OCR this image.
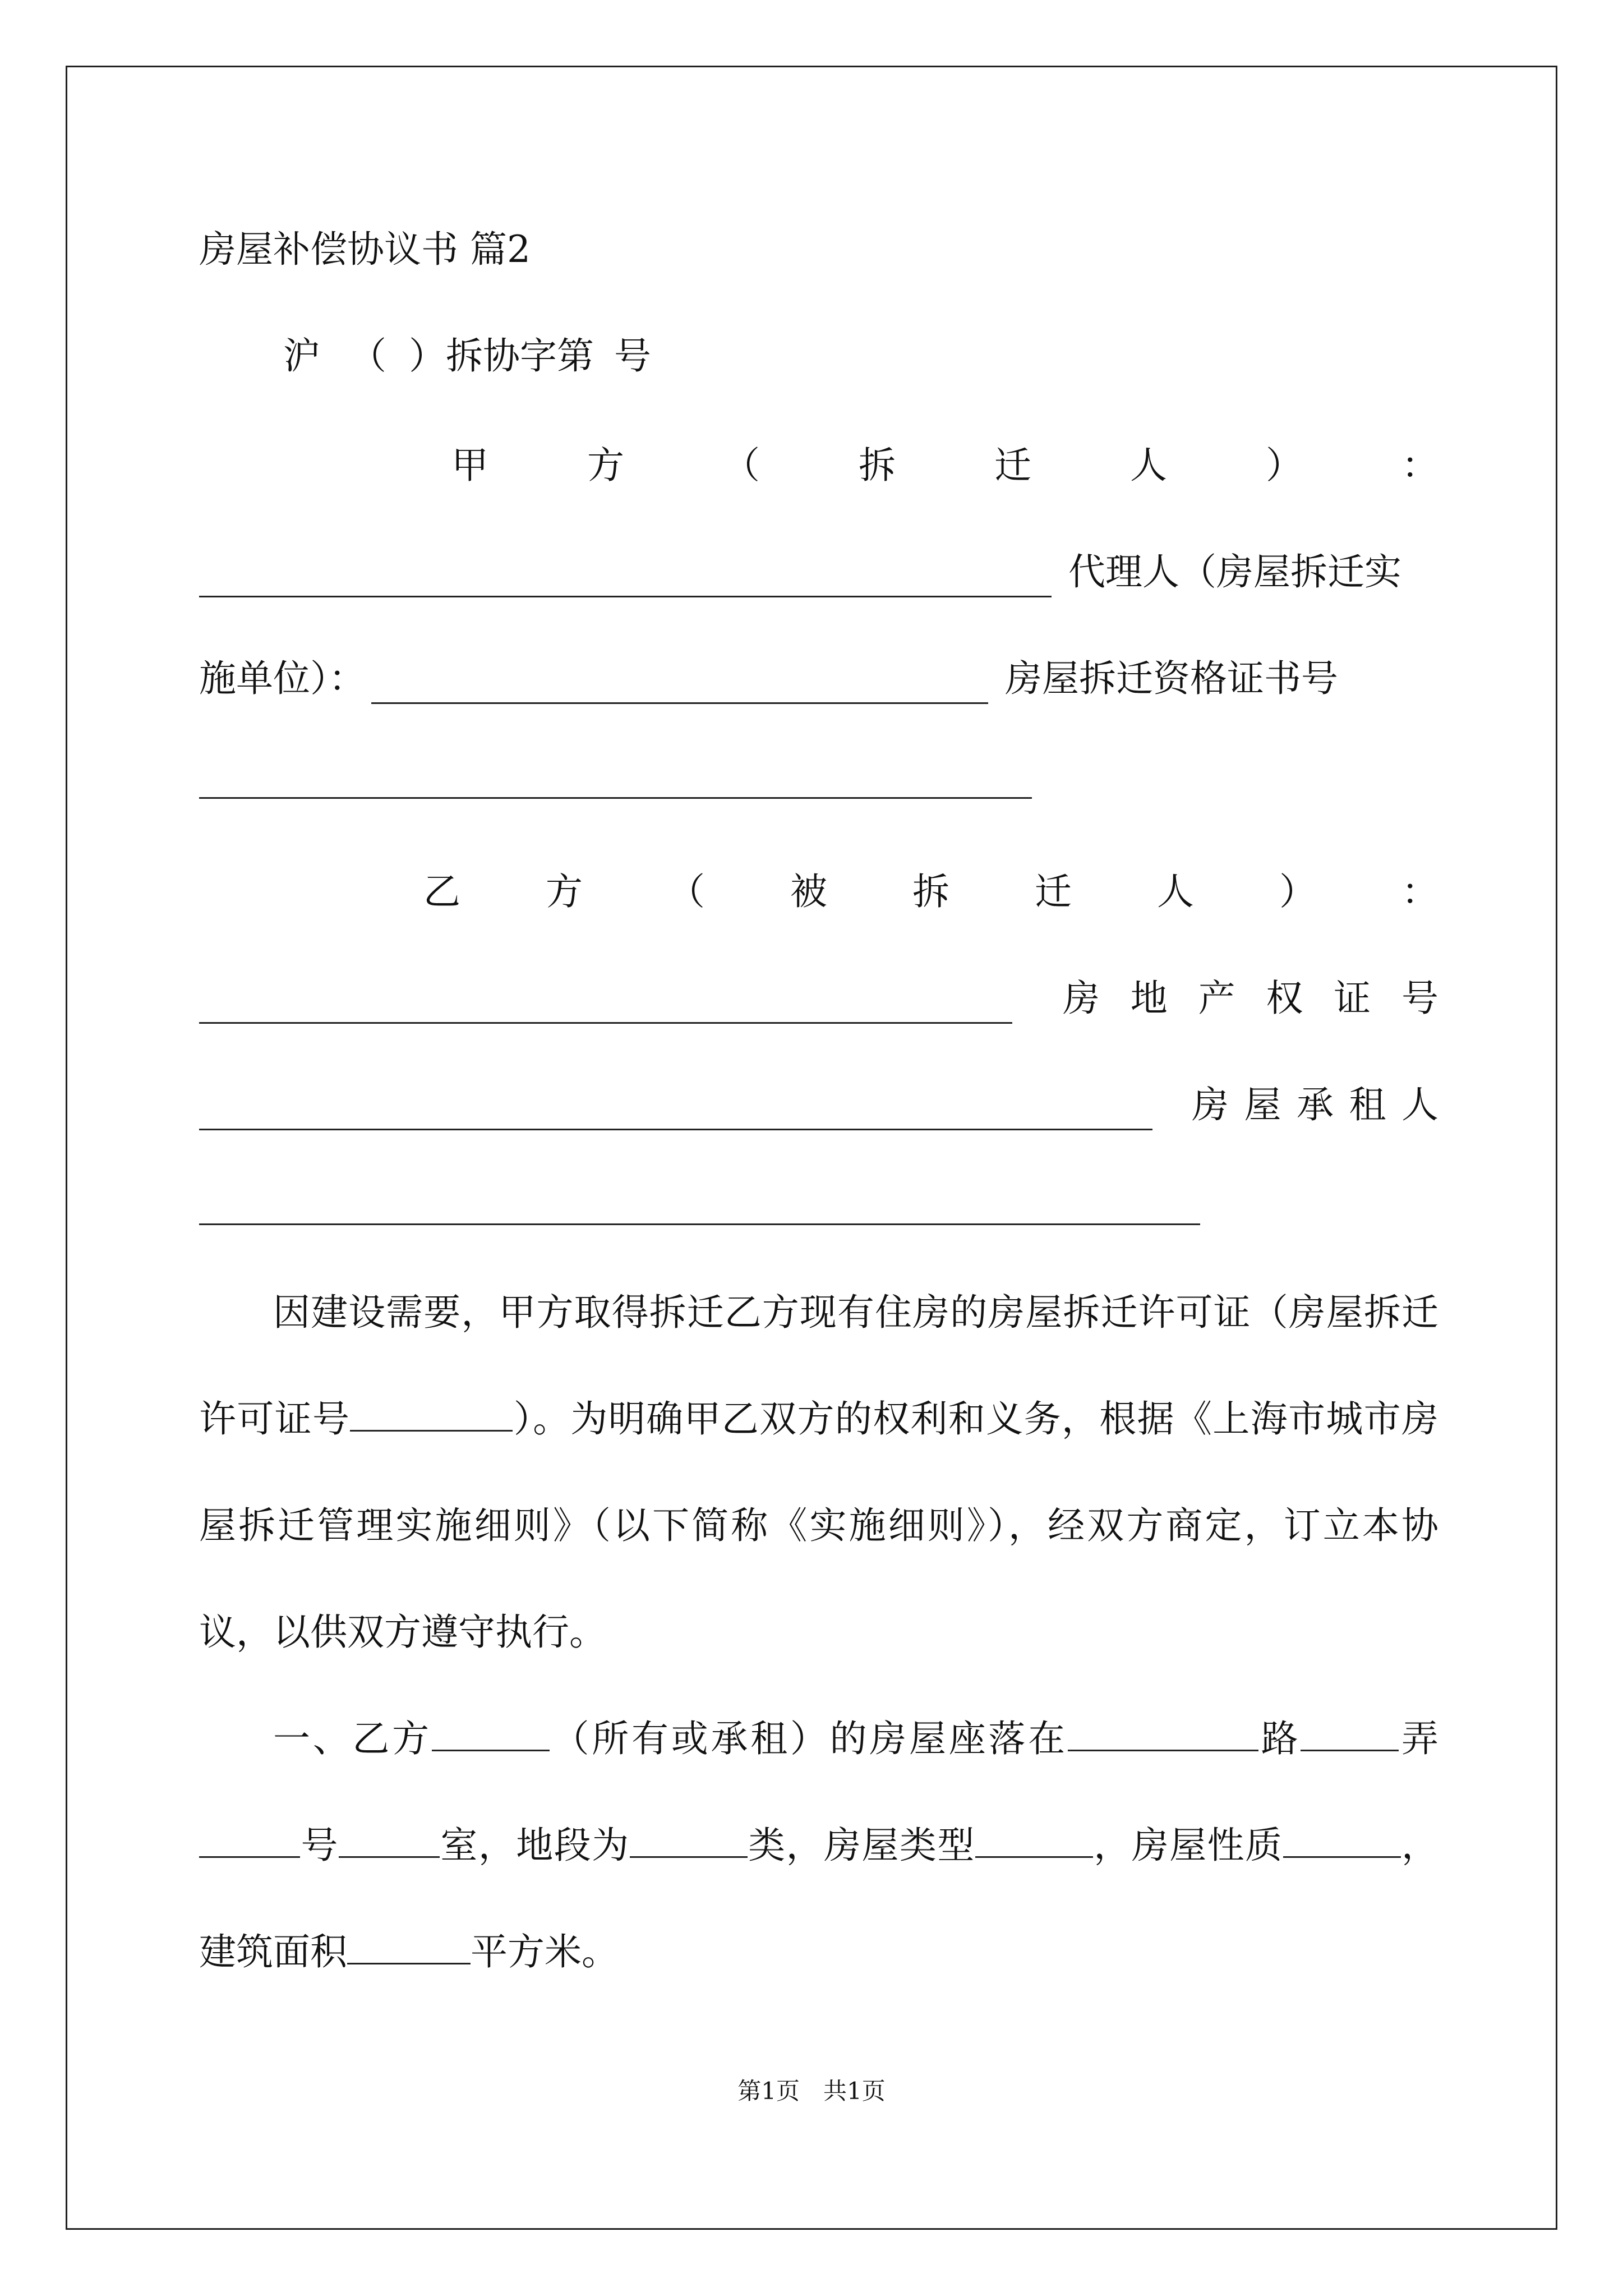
房屋补偿协议书 篇2
沪 （ ）拆协字第 号
甲	方	（	拆	迁	人	）	：
代理人（房屋拆迁实
施单位）：	房屋拆迁资格证书号
乙 方 （ 被 拆 迁 人 ） ：
房 地 产 权 证 号
房 屋 承 租 人
因建设需要，甲方取得拆迁乙方现有住房的房屋拆迁许可证（房屋拆迁许可证号	）。为明确甲乙双方的权利和义务，根据《上海市城市房屋拆迁管理实施细则》（以下简称《实施细则》），经双方商定，订立本协议，以供双方遵守执行。
一、乙方	（所有或承租）的房屋座落在	路	弄号	室，地段为	类，房屋类型	，房屋性质	，建筑面积	平方米。
第1页　共1页
